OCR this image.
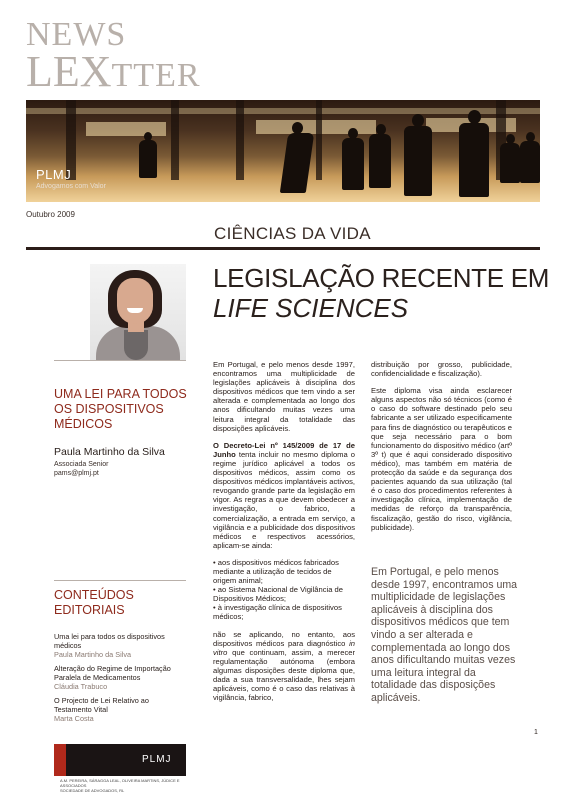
NEWS
LEXTTER
PLMJ
Advogamos com Valor
Outubro 2009
CIÊNCIAS DA VIDA
LEGISLAÇÃO RECENTE EM
LIFE SCIENCES
UMA LEI PARA TODOS OS DISPOSITIVOS MÉDICOS
Paula Martinho da Silva
Associada Senior
pams@plmj.pt
CONTEÚDOS EDITORIAIS
Uma lei para todos os dispositivos médicos
Paula Martinho da Silva
Alteração do Regime de Importação Paralela de Medicamentos
Cláudia Trabuco
O Projecto de Lei Relativo ao Testamento Vital
Marta Costa
PLMJ
A.M. PEREIRA, SÁRAGGA LEAL, OLIVEIRA MARTINS, JÚDICE E ASSOCIADOS
SOCIEDADE DE ADVOGADOS, RL

Em Portugal, e pelo menos desde 1997, encontramos uma multiplicidade de legislações aplicáveis à disciplina dos dispositivos médicos que tem vindo a ser alterada e complementada ao longo dos anos dificultando muitas vezes uma leitura integral da totalidade das disposições aplicáveis.

O Decreto-Lei nº 145/2009 de 17 de Junho tenta incluir no mesmo diploma o regime jurídico aplicável a todos os dispositivos médicos, assim como os dispositivos médicos implantáveis activos, revogando grande parte da legislação em vigor. As regras a que devem obedecer a investigação, o fabrico, a comercialização, a entrada em serviço, a vigilância e a publicidade dos dispositivos médicos e respectivos acessórios, aplicam-se ainda:

• aos dispositivos médicos fabricados mediante a utilização de tecidos de origem animal;
• ao Sistema Nacional de Vigilância de Dispositivos Médicos;
• à investigação clínica de dispositivos médicos;

não se aplicando, no entanto, aos dispositivos médicos para diagnóstico in vitro que continuam, assim, a merecer regulamentação autónoma (embora algumas disposições deste diploma que, dada a sua transversalidade, lhes sejam aplicáveis, como é o caso das relativas à vigilância, fabrico,

distribuição por grosso, publicidade, confidencialidade e fiscalização).

Este diploma visa ainda esclarecer alguns aspectos não só técnicos (como é o caso do software destinado pelo seu fabricante a ser utilizado especificamente para fins de diagnóstico ou terapêuticos e que seja necessário para o bom funcionamento do dispositivo médico (artº 3º t) que é aqui considerado dispositivo médico), mas também em matéria de protecção da saúde e da segurança dos pacientes aquando da sua utilização (tal é o caso dos procedimentos referentes à investigação clínica, implementação de medidas de reforço da transparência, fiscalização, gestão do risco, vigilância, publicidade).

Em Portugal, e pelo menos desde 1997, encontramos uma multiplicidade de legislações aplicáveis à disciplina dos dispositivos médicos que tem vindo a ser alterada e complementada ao longo dos anos dificultando muitas vezes uma leitura integral da totalidade das disposições aplicáveis.
1
